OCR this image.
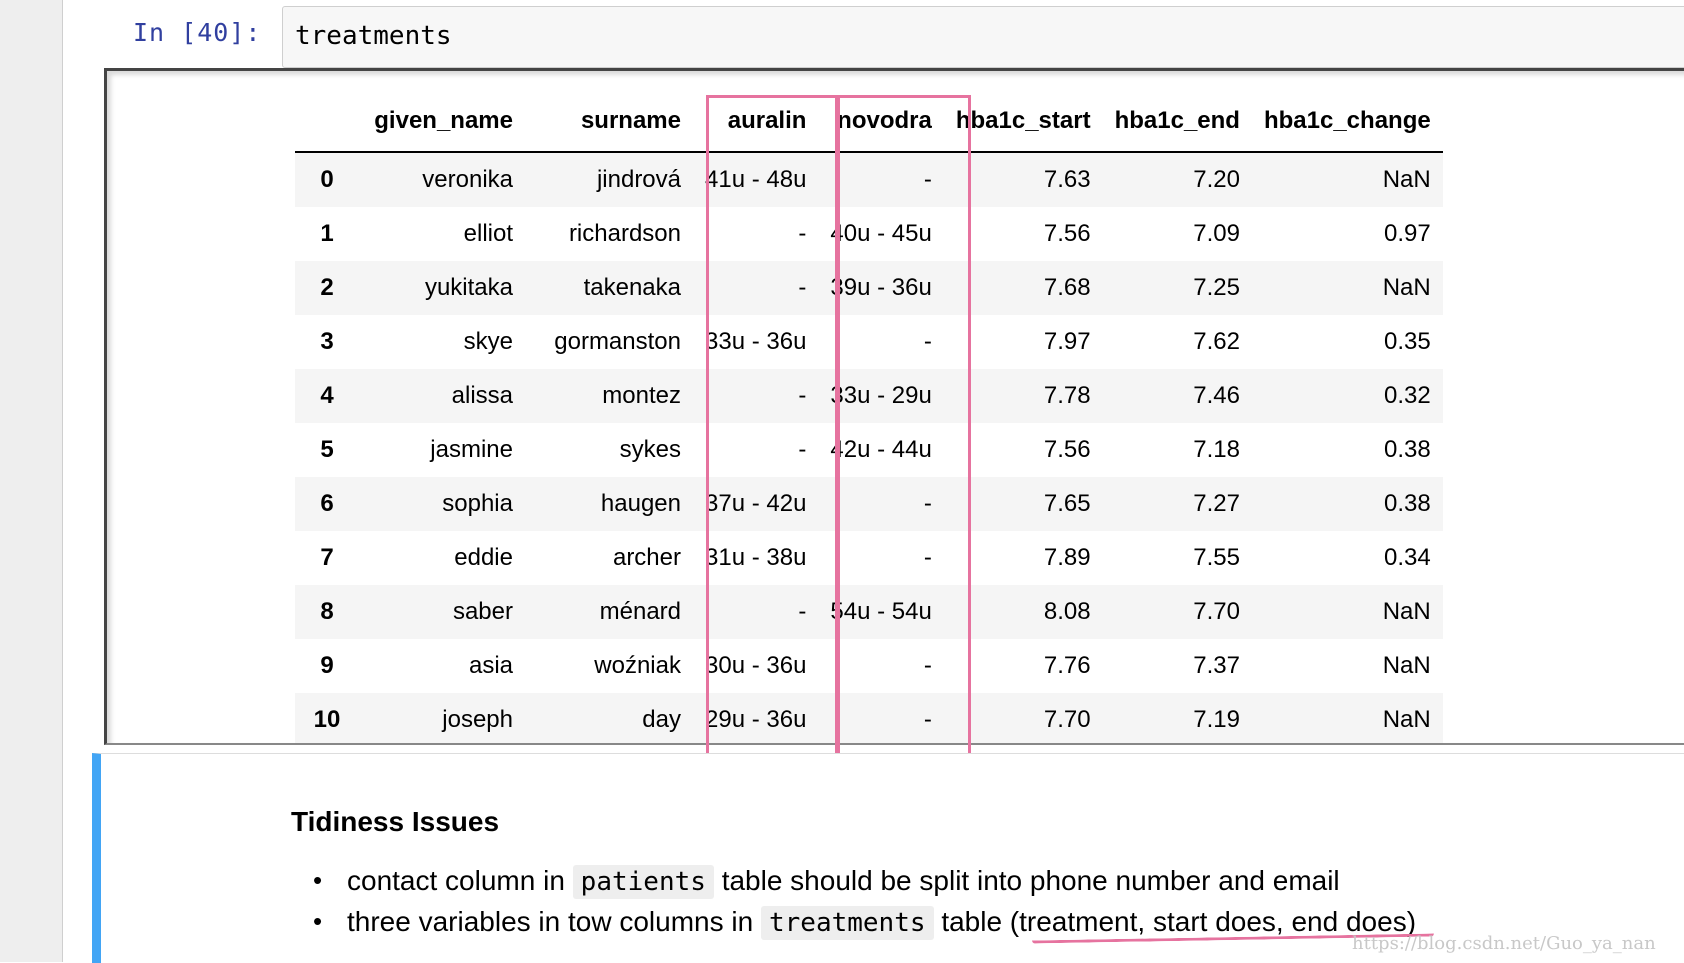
In [40]: treatments
	given_name	surname	auralin	novodra	hba1c_start	hba1c_end	hba1c_change
0	veronika	jindrová	41u - 48u	-	7.63	7.20	NaN
1	elliot	richardson	-	40u - 45u	7.56	7.09	0.97
2	yukitaka	takenaka	-	39u - 36u	7.68	7.25	NaN
3	skye	gormanston	33u - 36u	-	7.97	7.62	0.35
4	alissa	montez	-	33u - 29u	7.78	7.46	0.32
5	jasmine	sykes	-	42u - 44u	7.56	7.18	0.38
6	sophia	haugen	37u - 42u	-	7.65	7.27	0.38
7	eddie	archer	31u - 38u	-	7.89	7.55	0.34
8	saber	ménard	-	54u - 54u	8.08	7.70	NaN
9	asia	woźniak	30u - 36u	-	7.76	7.37	NaN
10	joseph	day	29u - 36u	-	7.70	7.19	NaN
Tidiness Issues
• contact column in patients table should be split into phone number and email
• three variables in tow columns in treatments table (treatment, start does, end does)
https://blog.csdn.net/Guo_ya_nan
